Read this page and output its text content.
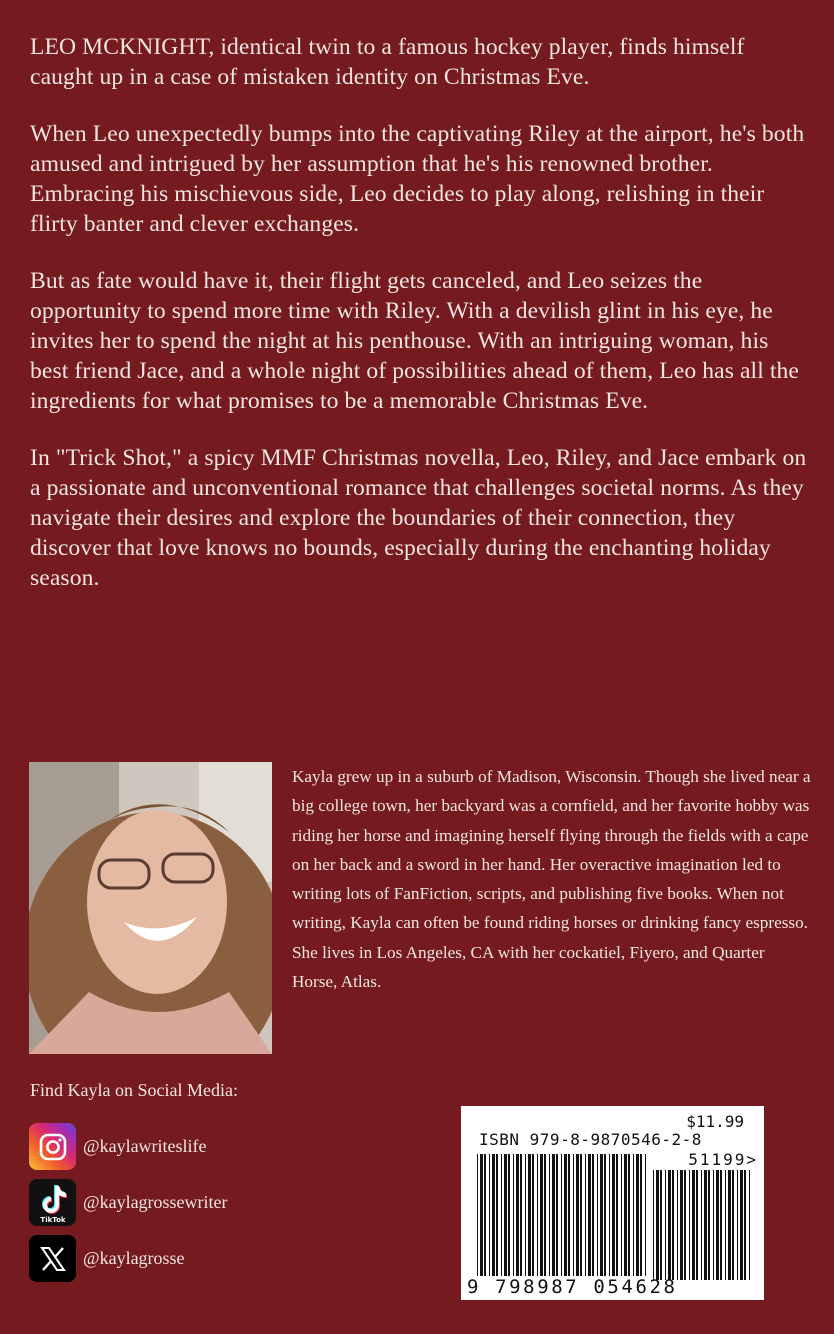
LEO MCKNIGHT, identical twin to a famous hockey player, finds himself caught up in a case of mistaken identity on Christmas Eve.

When Leo unexpectedly bumps into the captivating Riley at the airport, he's both amused and intrigued by her assumption that he's his renowned brother. Embracing his mischievous side, Leo decides to play along, relishing in their flirty banter and clever exchanges.

But as fate would have it, their flight gets canceled, and Leo seizes the opportunity to spend more time with Riley. With a devilish glint in his eye, he invites her to spend the night at his penthouse. With an intriguing woman, his best friend Jace, and a whole night of possibilities ahead of them, Leo has all the ingredients for what promises to be a memorable Christmas Eve.

In "Trick Shot," a spicy MMF Christmas novella, Leo, Riley, and Jace embark on a passionate and unconventional romance that challenges societal norms. As they navigate their desires and explore the boundaries of their connection, they discover that love knows no bounds, especially during the enchanting holiday season.

Kayla grew up in a suburb of Madison, Wisconsin. Though she lived near a big college town, her backyard was a cornfield, and her favorite hobby was riding her horse and imagining herself flying through the fields with a cape on her back and a sword in her hand. Her overactive imagination led to writing lots of FanFiction, scripts, and publishing five books. When not writing, Kayla can often be found riding horses or drinking fancy espresso. She lives in Los Angeles, CA with her cockatiel, Fiyero, and Quarter Horse, Atlas.
Find Kayla on Social Media:
@kaylawriteslife
TikTok
@kaylagrossewriter
@kaylagrosse
$11.99
ISBN 979-8-9870546-2-8
51199>
9 798987 054628
